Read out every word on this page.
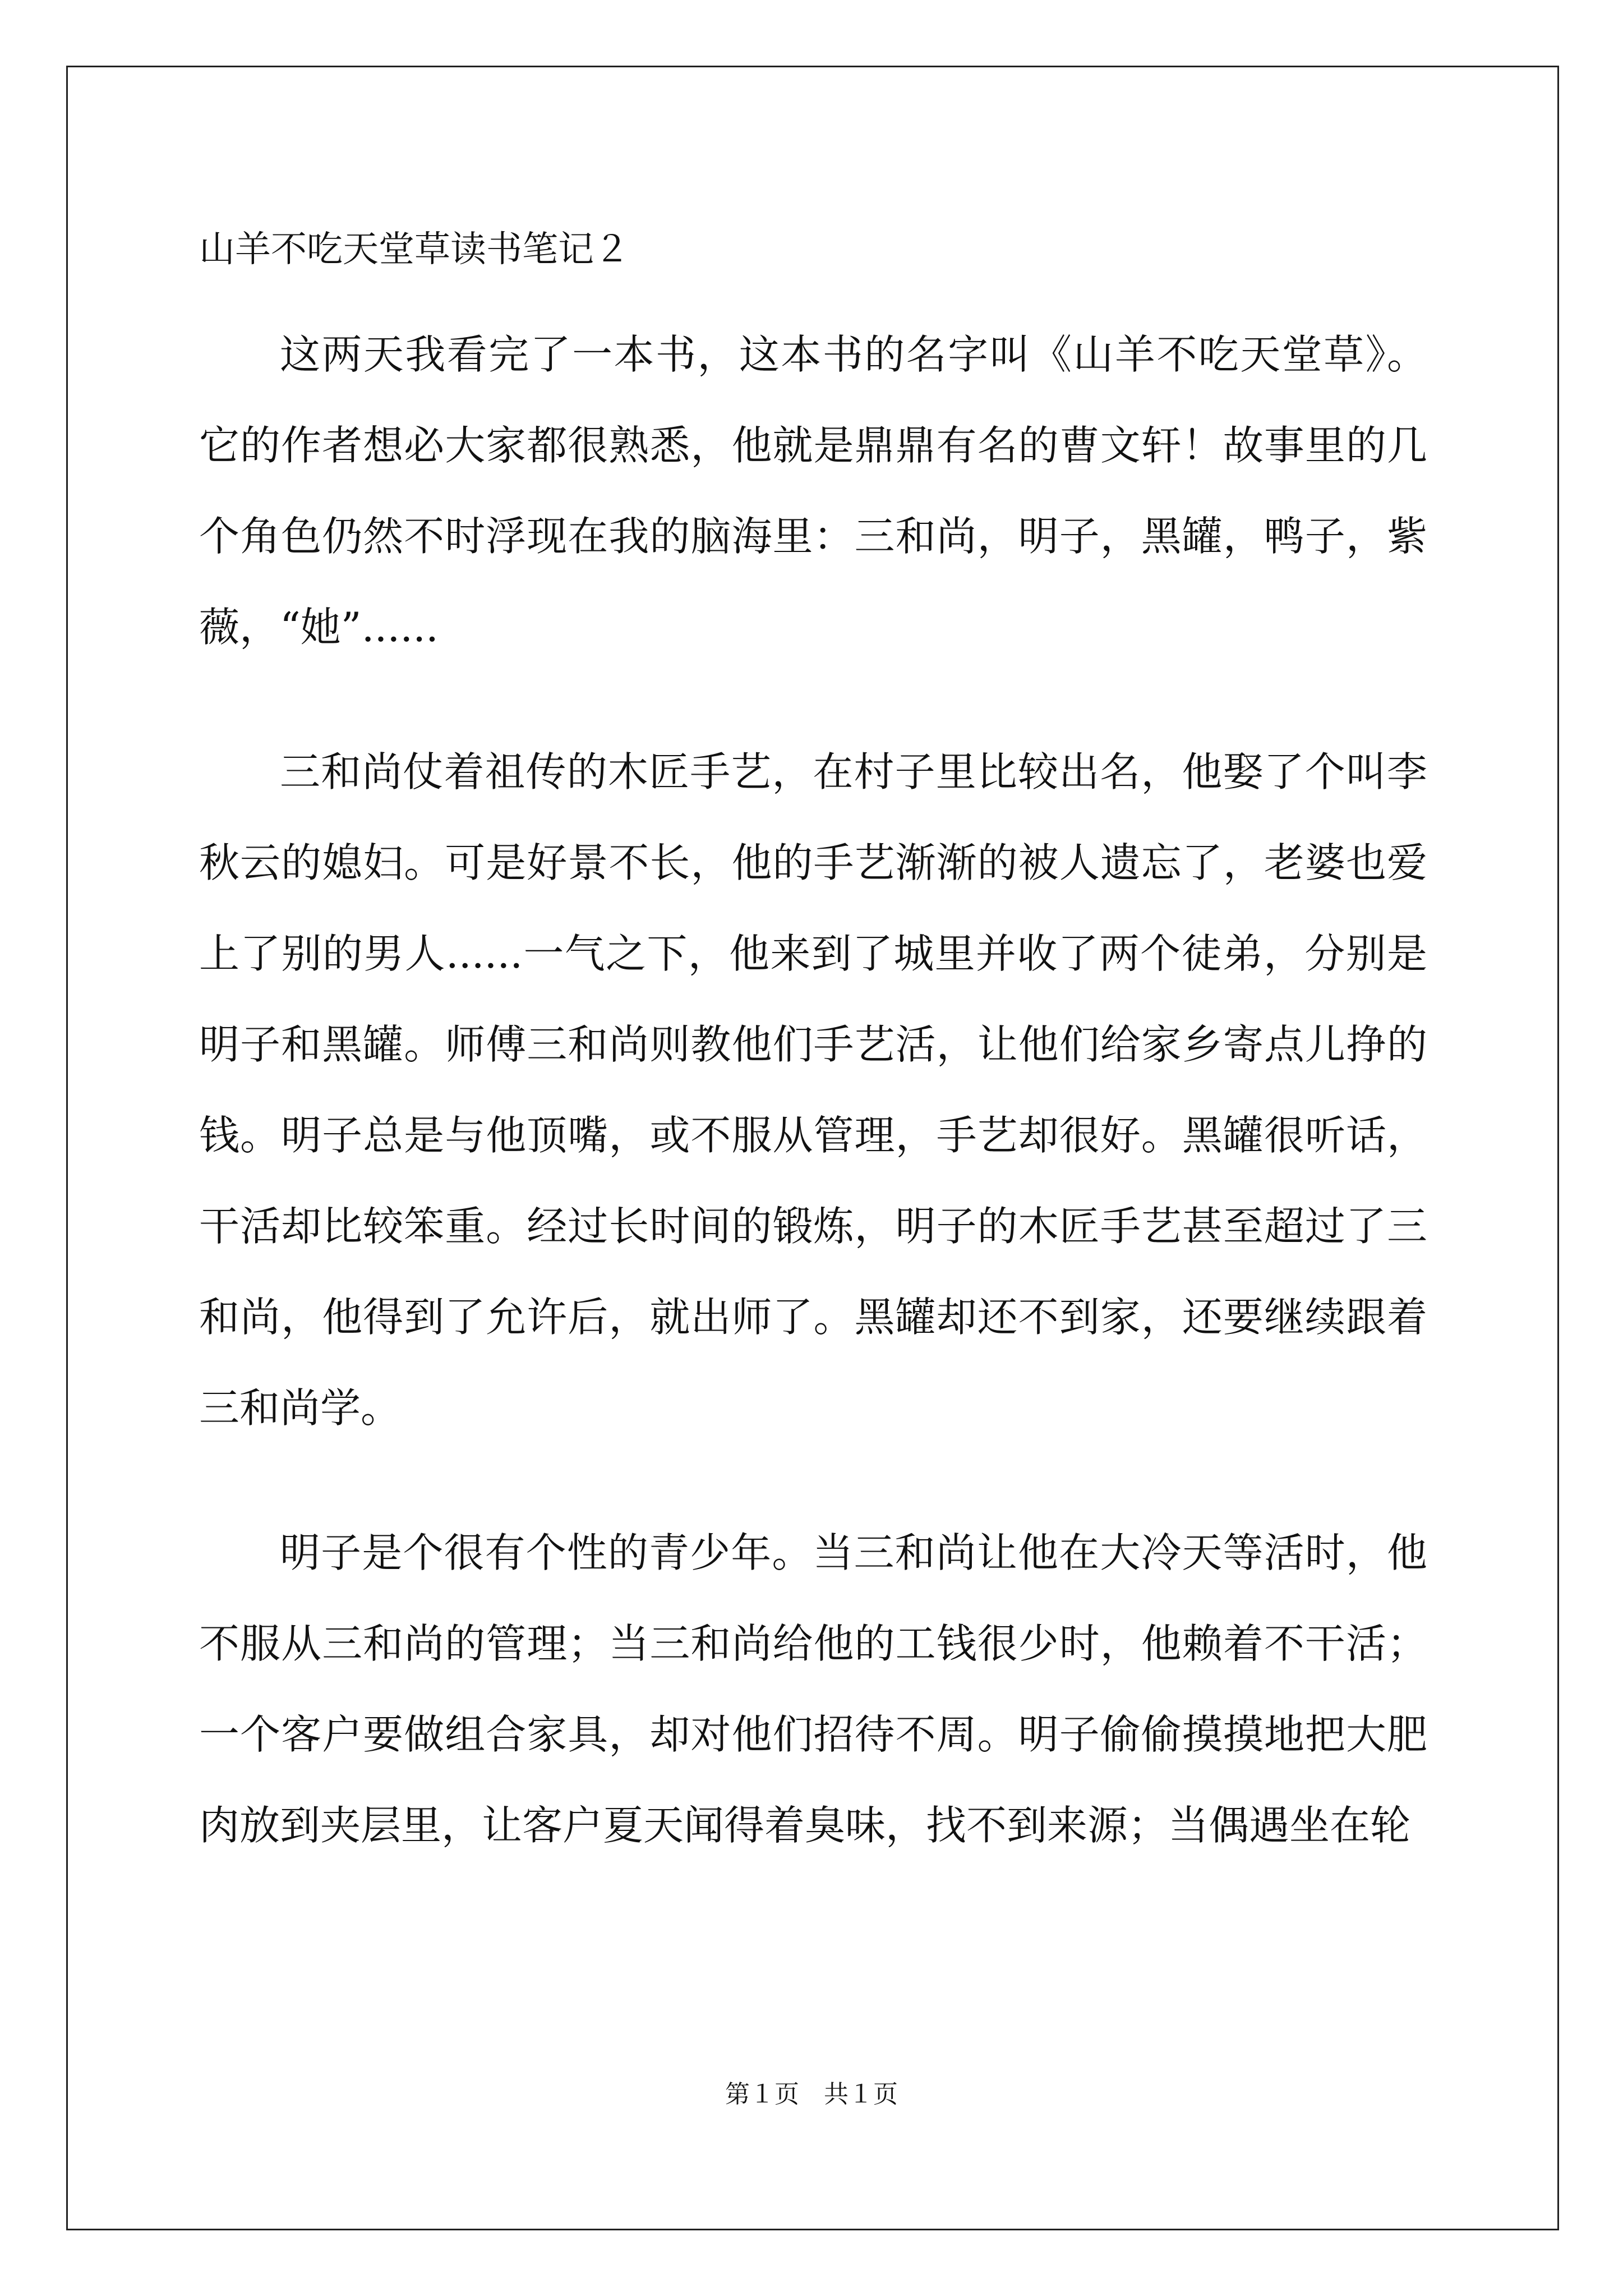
山羊不吃天堂草读书笔记２

这两天我看完了一本书，这本书的名字叫《山羊不吃天堂草》。它的作者想必大家都很熟悉，他就是鼎鼎有名的曹文轩！故事里的几个角色仍然不时浮现在我的脑海里：三和尚，明子，黑罐，鸭子，紫薇，“她”......

三和尚仗着祖传的木匠手艺，在村子里比较出名，他娶了个叫李秋云的媳妇。可是好景不长，他的手艺渐渐的被人遗忘了，老婆也爱上了别的男人......一气之下，他来到了城里并收了两个徒弟，分别是明子和黑罐。师傅三和尚则教他们手艺活，让他们给家乡寄点儿挣的钱。明子总是与他顶嘴，或不服从管理，手艺却很好。黑罐很听话，干活却比较笨重。经过长时间的锻炼，明子的木匠手艺甚至超过了三和尚，他得到了允许后，就出师了。黑罐却还不到家，还要继续跟着三和尚学。

明子是个很有个性的青少年。当三和尚让他在大冷天等活时，他不服从三和尚的管理；当三和尚给他的工钱很少时，他赖着不干活；一个客户要做组合家具，却对他们招待不周。明子偷偷摸摸地把大肥肉放到夹层里，让客户夏天闻得着臭味，找不到来源；当偶遇坐在轮

第１页　共１页
